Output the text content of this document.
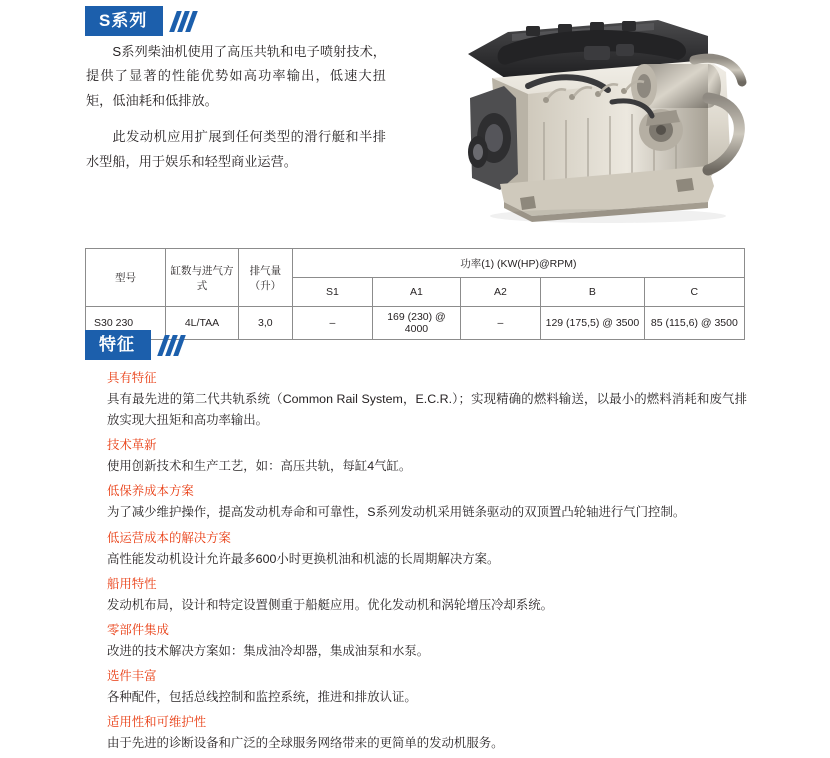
S系列

S系列柴油机使用了高压共轨和电子喷射技术，提供了显著的性能优势如高功率输出，低速大扭矩，低油耗和低排放。

此发动机应用扩展到任何类型的滑行艇和半排水型船，用于娱乐和轻型商业运营。

型号	缸数与进气方式	排气量（升）	功率(1) (KW(HP)@RPM)				
			S1	A1	A2	B	C
S30 230	4L/TAA	3,0	–	169 (230) @ 4000	–	129 (175,5) @ 3500	85 (115,6) @ 3500
特征
具有特征
具有最先进的第二代共轨系统（Common Rail System，E.C.R.）；实现精确的燃料输送，以最小的燃料消耗和废气排放实现大扭矩和高功率输出。
技术革新
使用创新技术和生产工艺，如：高压共轨，每缸4气缸。
低保养成本方案
为了减少维护操作，提高发动机寿命和可靠性，S系列发动机采用链条驱动的双顶置凸轮轴进行气门控制。
低运营成本的解决方案
高性能发动机设计允许最多600小时更换机油和机滤的长周期解决方案。
船用特性
发动机布局，设计和特定设置侧重于船艇应用。优化发动机和涡轮增压冷却系统。
零部件集成
改进的技术解决方案如：集成油冷却器，集成油泵和水泵。
选件丰富
各种配件，包括总线控制和监控系统，推进和排放认证。
适用性和可维护性
由于先进的诊断设备和广泛的全球服务网络带来的更简单的发动机服务。
